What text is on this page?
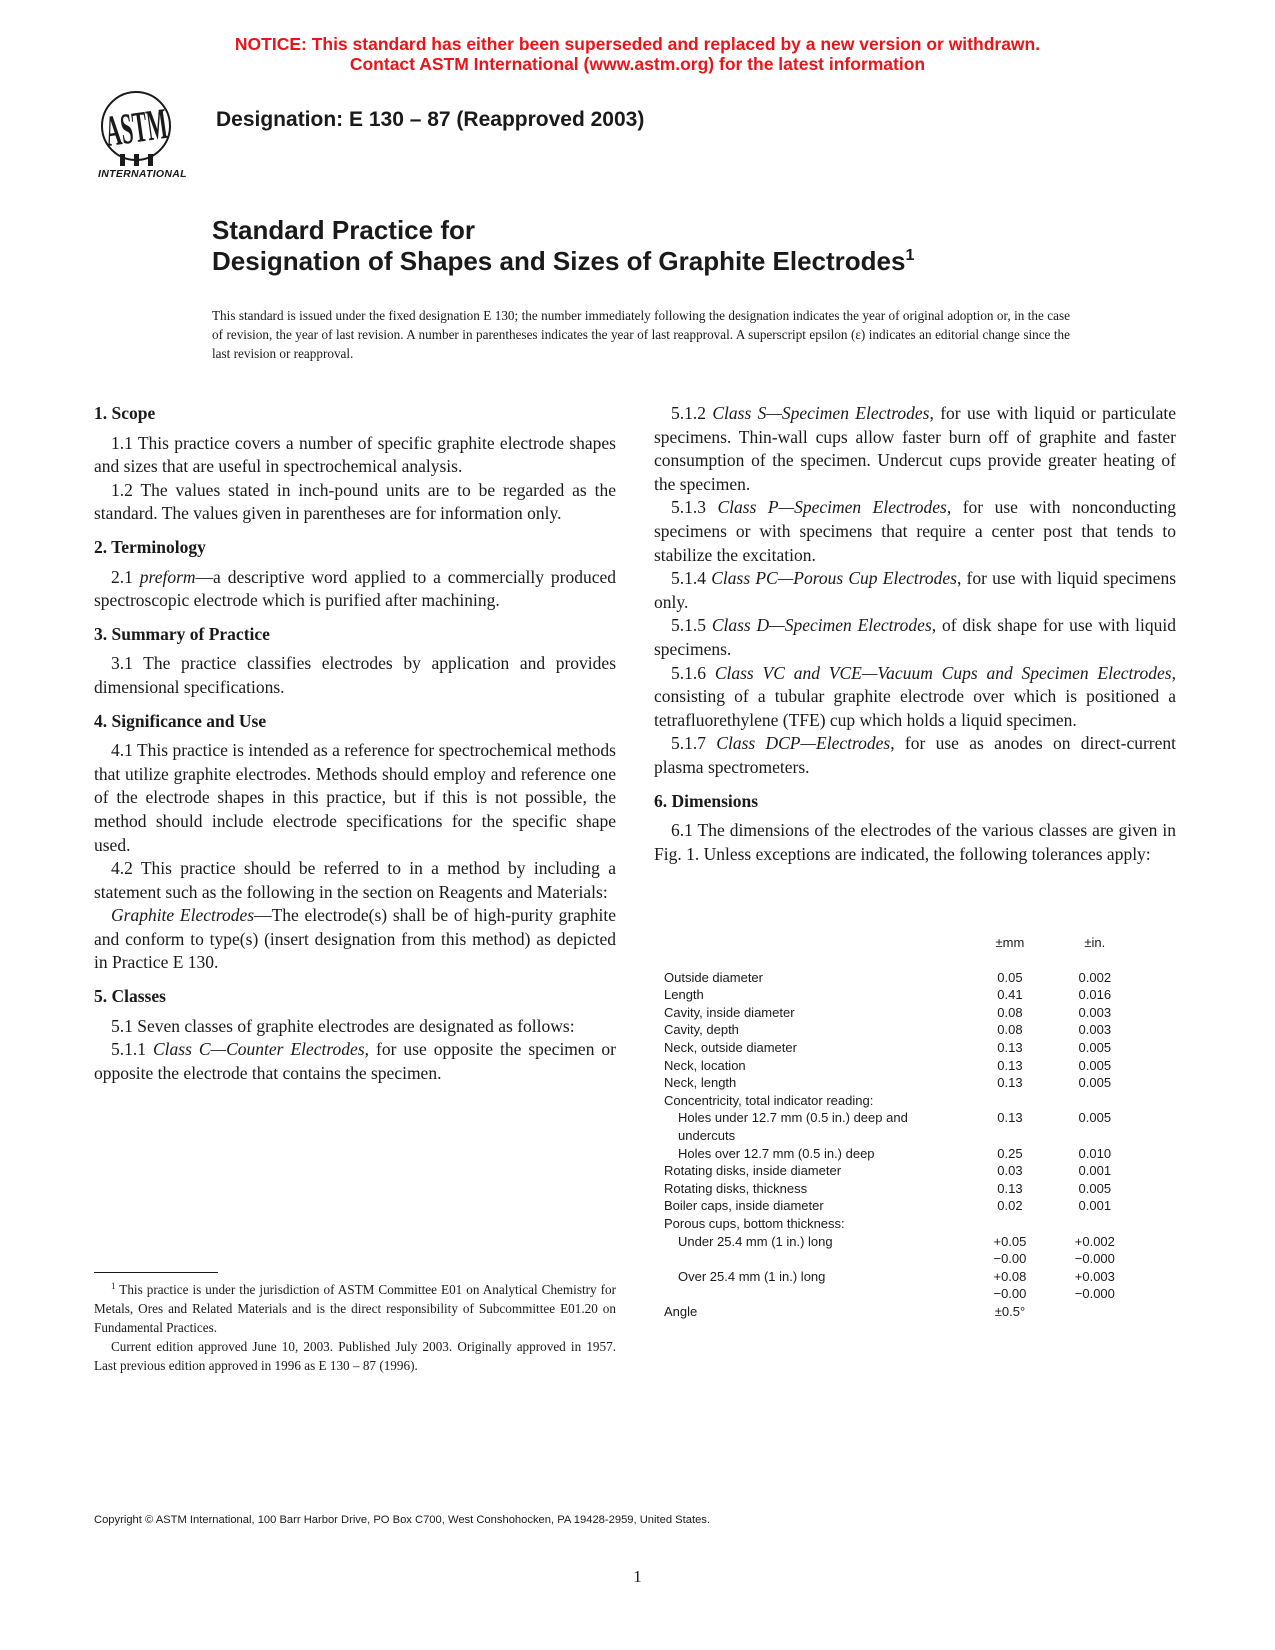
NOTICE: This standard has either been superseded and replaced by a new version or withdrawn.
Contact ASTM International (www.astm.org) for the latest information
ASTM
INTERNATIONAL
Designation: E 130 – 87 (Reapproved 2003)
Standard Practice for
Designation of Shapes and Sizes of Graphite Electrodes$^1$
This standard is issued under the fixed designation E 130; the number immediately following the designation indicates the year of original adoption or, in the case of revision, the year of last revision. A number in parentheses indicates the year of last reapproval. A superscript epsilon (ε) indicates an editorial change since the last revision or reapproval.
1. Scope

1.1 This practice covers a number of specific graphite electrode shapes and sizes that are useful in spectrochemical analysis.

1.2 The values stated in inch-pound units are to be regarded as the standard. The values given in parentheses are for information only.

2. Terminology

2.1 preform—a descriptive word applied to a commercially produced spectroscopic electrode which is purified after machining.

3. Summary of Practice

3.1 The practice classifies electrodes by application and provides dimensional specifications.

4. Significance and Use

4.1 This practice is intended as a reference for spectrochemical methods that utilize graphite electrodes. Methods should employ and reference one of the electrode shapes in this practice, but if this is not possible, the method should include electrode specifications for the specific shape used.

4.2 This practice should be referred to in a method by including a statement such as the following in the section on Reagents and Materials:

Graphite Electrodes—The electrode(s) shall be of high-purity graphite and conform to type(s) (insert designation from this method) as depicted in Practice E 130.

5. Classes

5.1 Seven classes of graphite electrodes are designated as follows:

5.1.1 Class C—Counter Electrodes, for use opposite the specimen or opposite the electrode that contains the specimen.

5.1.2 Class S—Specimen Electrodes, for use with liquid or particulate specimens. Thin-wall cups allow faster burn off of graphite and faster consumption of the specimen. Undercut cups provide greater heating of the specimen.

5.1.3 Class P—Specimen Electrodes, for use with nonconducting specimens or with specimens that require a center post that tends to stabilize the excitation.

5.1.4 Class PC—Porous Cup Electrodes, for use with liquid specimens only.

5.1.5 Class D—Specimen Electrodes, of disk shape for use with liquid specimens.

5.1.6 Class VC and VCE—Vacuum Cups and Specimen Electrodes, consisting of a tubular graphite electrode over which is positioned a tetrafluorethylene (TFE) cup which holds a liquid specimen.

5.1.7 Class DCP—Electrodes, for use as anodes on direct-current plasma spectrometers.

6. Dimensions

6.1 The dimensions of the electrodes of the various classes are given in Fig. 1. Unless exceptions are indicated, the following tolerances apply:

	±mm	±in.
Outside diameter	0.05	0.002
Length	0.41	0.016
Cavity, inside diameter	0.08	0.003
Cavity, depth	0.08	0.003
Neck, outside diameter	0.13	0.005
Neck, location	0.13	0.005
Neck, length	0.13	0.005
Concentricity, total indicator reading:		
Holes under 12.7 mm (0.5 in.) deep and undercuts	0.13	0.005
Holes over 12.7 mm (0.5 in.) deep	0.25	0.010
Rotating disks, inside diameter	0.03	0.001
Rotating disks, thickness	0.13	0.005
Boiler caps, inside diameter	0.02	0.001
Porous cups, bottom thickness:		
Under 25.4 mm (1 in.) long	+0.05	+0.002
	−0.00	−0.000
Over 25.4 mm (1 in.) long	+0.08	+0.003
	−0.00	−0.000
Angle	±0.5°	

$^1$ This practice is under the jurisdiction of ASTM Committee E01 on Analytical Chemistry for Metals, Ores and Related Materials and is the direct responsibility of Subcommittee E01.20 on Fundamental Practices.

Current edition approved June 10, 2003. Published July 2003. Originally approved in 1957. Last previous edition approved in 1996 as E 130 – 87 (1996).

Copyright © ASTM International, 100 Barr Harbor Drive, PO Box C700, West Conshohocken, PA 19428-2959, United States.
1
